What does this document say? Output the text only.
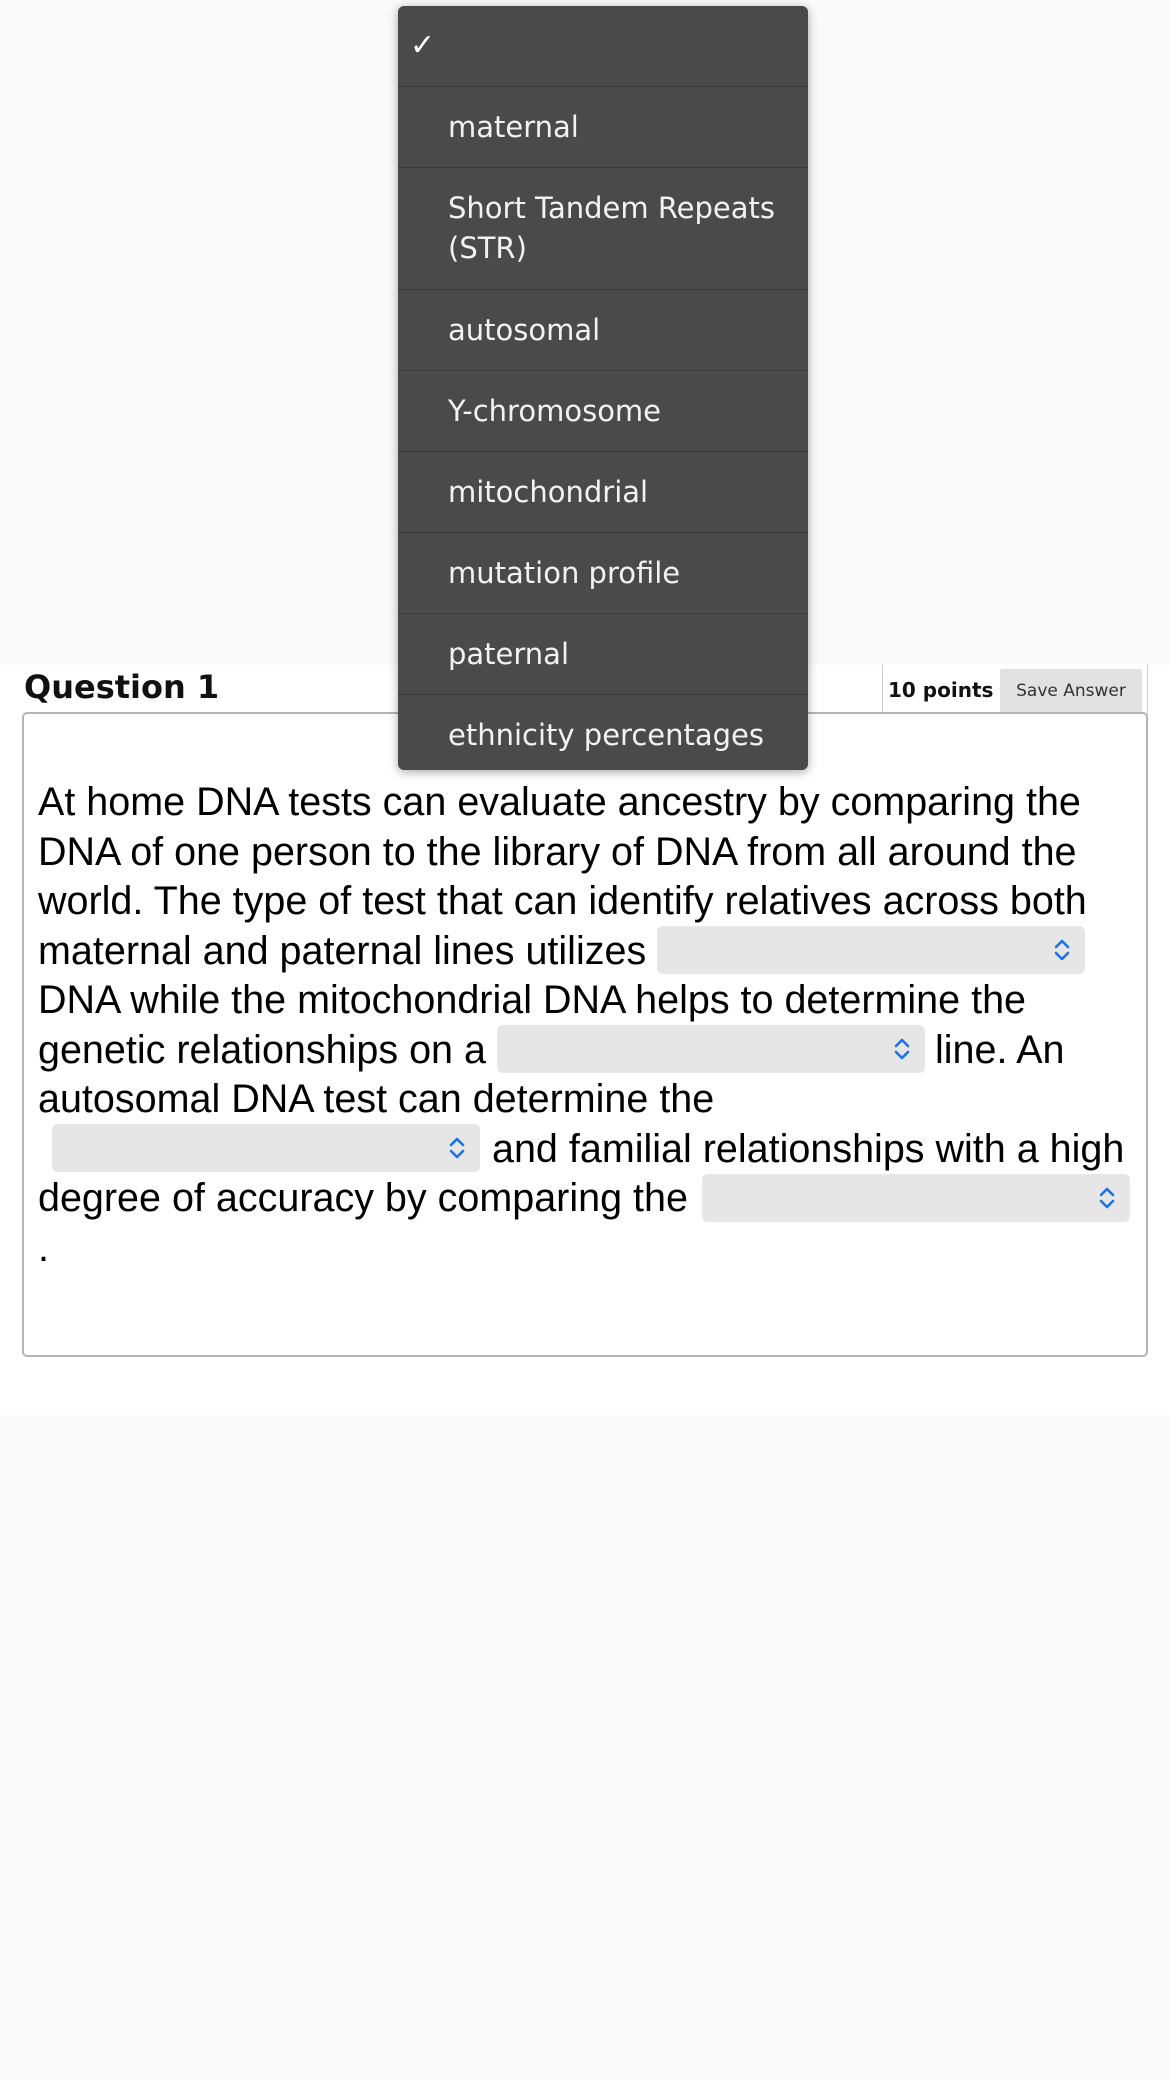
Question 1	10 points	Save Answer
At home DNA tests can evaluate ancestry by comparing the DNA of one person to the library of DNA from all around the world. The type of test that can identify relatives across both maternal and paternal lines utilizes
DNA while the mitochondrial DNA helps to determine the genetic relationships on a	line. An autosomal DNA test can determine the
and familial relationships with a high degree of accuracy by comparing the
.
✓
maternal
Short Tandem Repeats (STR)
autosomal
Y-chromosome
mitochondrial
mutation profile
paternal
ethnicity percentages
